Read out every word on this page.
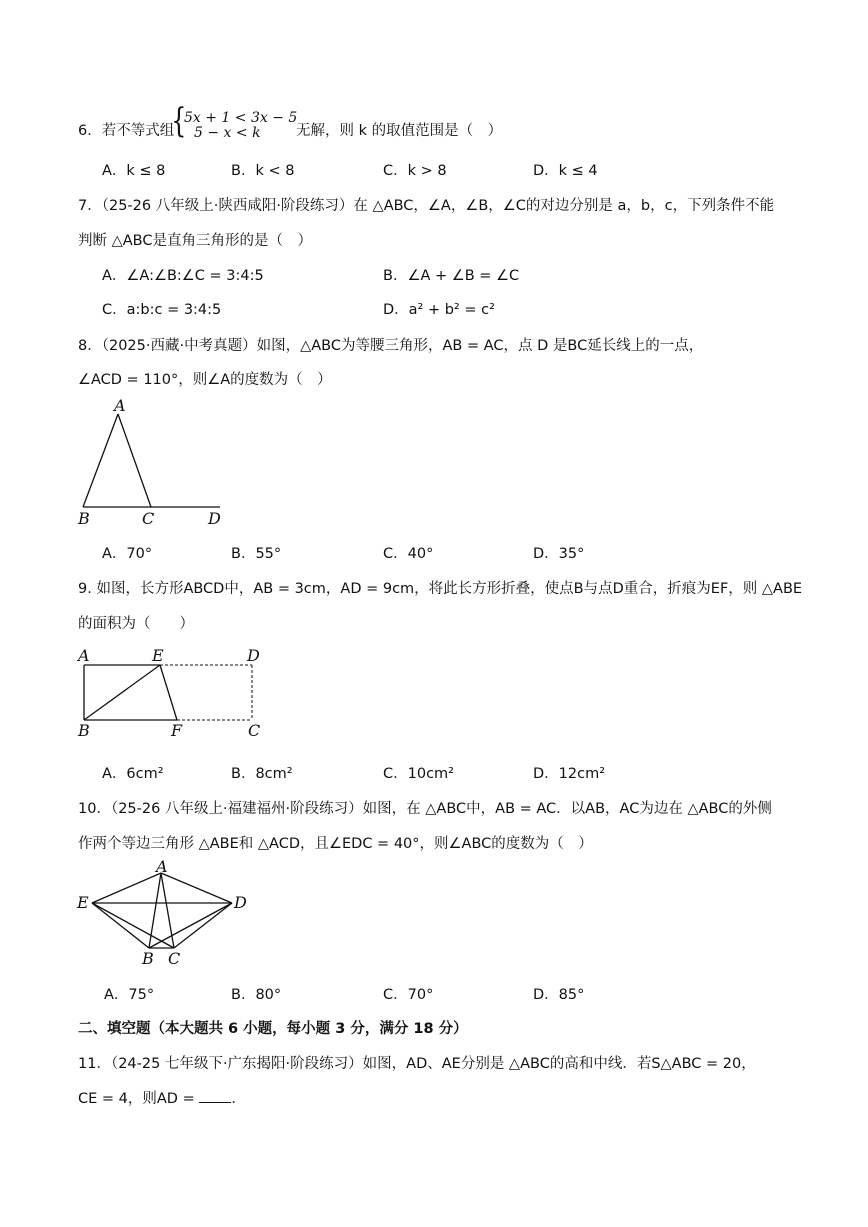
6．若不等式组
{
5x + 1 < 3x − 5
5 − x < k	无解，则 k 的取值范围是（　）
A．k ≤ 8	B．k < 8	C．k > 8	D．k ≤ 4
7．（25-26 八年级上·陕西咸阳·阶段练习）在 △ABC，∠A，∠B，∠C的对边分别是 a，b，c，下列条件不能
判断 △ABC是直角三角形的是（　）
A．∠A:∠B:∠C = 3:4:5	B．∠A + ∠B = ∠C
C．a:b:c = 3:4:5	D．a² + b² = c²
8．（2025·西藏·中考真题）如图，△ABC为等腰三角形，AB = AC，点 D 是BC延长线上的一点，
∠ACD = 110°，则∠A的度数为（　）
A
B	C	D
A．70°	B．55°	C．40°	D．35°
9. 如图，长方形ABCD中，AB = 3cm，AD = 9cm，将此长方形折叠，使点B与点D重合，折痕为EF，则 △ABE
的面积为（　　）
A	E	D
B	F	C
A．6cm²	B．8cm²	C．10cm²	D．12cm²
10．（25-26 八年级上·福建福州·阶段练习）如图，在 △ABC中，AB = AC．以AB，AC为边在 △ABC的外侧
作两个等边三角形 △ABE和 △ACD，且∠EDC = 40°，则∠ABC的度数为（　）
A
E	D
B C
A．75°	B．80°	C．70°	D．85°
二、填空题（本大题共 6 小题，每小题 3 分，满分 18 分）
11．（24-25 七年级下·广东揭阳·阶段练习）如图，AD、AE分别是 △ABC的高和中线．若S△ABC = 20，
CE = 4，则AD = ．
